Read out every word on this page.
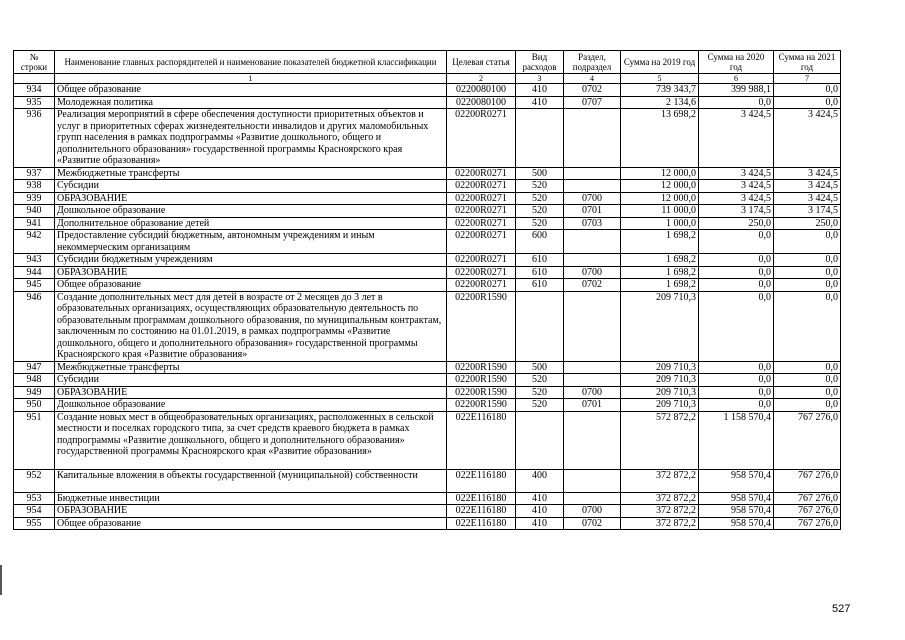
№ строки	Наименование главных распорядителей и наименование показателей бюджетной классификации	Целевая статья	Вид расходов	Раздел, подраздел	Сумма на 2019 год	Сумма на 2020 год	Сумма на 2021 год
	1	2	3	4	5	6	7
934	Общее образование	0220080100	410	0702	739 343,7	399 988,1	0,0
935	Молодежная политика	0220080100	410	0707	2 134,6	0,0	0,0
936	Реализация мероприятий в сфере обеспечения доступности приоритетных объектов и услуг в приоритетных сферах жизнедеятельности инвалидов и других маломобильных групп населения в рамках подпрограммы «Развитие дошкольного, общего и дополнительного образования» государственной программы Красноярского края «Развитие образования»	02200R0271			13 698,2	3 424,5	3 424,5
937	Межбюджетные трансферты	02200R0271	500		12 000,0	3 424,5	3 424,5
938	Субсидии	02200R0271	520		12 000,0	3 424,5	3 424,5
939	ОБРАЗОВАНИЕ	02200R0271	520	0700	12 000,0	3 424,5	3 424,5
940	Дошкольное образование	02200R0271	520	0701	11 000,0	3 174,5	3 174,5
941	Дополнительное образование детей	02200R0271	520	0703	1 000,0	250,0	250,0
942	Предоставление субсидий бюджетным, автономным учреждениям и иным некоммерческим организациям	02200R0271	600		1 698,2	0,0	0,0
943	Субсидии бюджетным учреждениям	02200R0271	610		1 698,2	0,0	0,0
944	ОБРАЗОВАНИЕ	02200R0271	610	0700	1 698,2	0,0	0,0
945	Общее образование	02200R0271	610	0702	1 698,2	0,0	0,0
946	Создание дополнительных мест для детей в возрасте от 2 месяцев до 3 лет в образовательных организациях, осуществляющих образовательную деятельность по образовательным программам дошкольного образования, по муниципальным контрактам, заключенным по состоянию на 01.01.2019, в рамках подпрограммы «Развитие дошкольного, общего и дополнительного образования» государственной программы Красноярского края «Развитие образования»	02200R1590			209 710,3	0,0	0,0
947	Межбюджетные трансферты	02200R1590	500		209 710,3	0,0	0,0
948	Субсидии	02200R1590	520		209 710,3	0,0	0,0
949	ОБРАЗОВАНИЕ	02200R1590	520	0700	209 710,3	0,0	0,0
950	Дошкольное образование	02200R1590	520	0701	209 710,3	0,0	0,0
951	Создание новых мест в общеобразовательных организациях, расположенных в сельской местности и поселках городского типа, за счет средств краевого бюджета в рамках подпрограммы «Развитие дошкольного, общего и дополнительного образования» государственной программы Красноярского края «Развитие образования»	022E116180			572 872,2	1 158 570,4	767 276,0
952	Капитальные вложения в объекты государственной (муниципальной) собственности	022E116180	400		372 872,2	958 570,4	767 276,0
953	Бюджетные инвестиции	022E116180	410		372 872,2	958 570,4	767 276,0
954	ОБРАЗОВАНИЕ	022E116180	410	0700	372 872,2	958 570,4	767 276,0
955	Общее образование	022E116180	410	0702	372 872,2	958 570,4	767 276,0
527
